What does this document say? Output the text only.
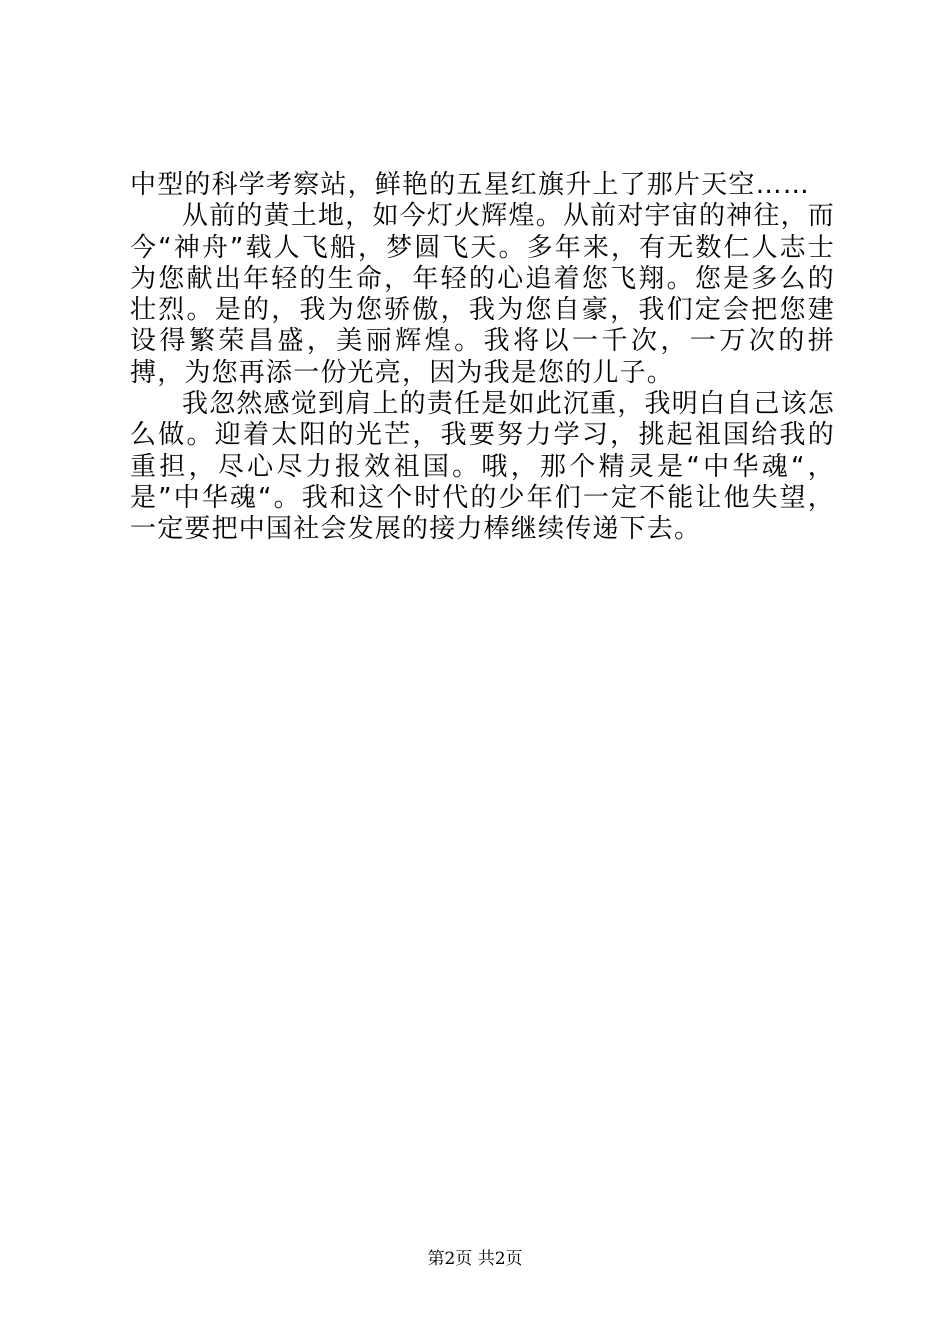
中型的科学考察站，鲜艳的五星红旗升上了那片天空……

从前的黄土地，如今灯火辉煌。从前对宇宙的神往，而今“神舟”载人飞船，梦圆飞天。多年来，有无数仁人志士为您献出年轻的生命，年轻的心追着您飞翔。您是多么的壮烈。是的，我为您骄傲，我为您自豪，我们定会把您建设得繁荣昌盛，美丽辉煌。我将以一千次，一万次的拼搏，为您再添一份光亮，因为我是您的儿子。

我忽然感觉到肩上的责任是如此沉重，我明白自己该怎么做。迎着太阳的光芒，我要努力学习，挑起祖国给我的重担，尽心尽力报效祖国。哦，那个精灵是“中华魂“，是”中华魂“。我和这个时代的少年们一定不能让他失望，一定要把中国社会发展的接力棒继续传递下去。

第2页 共2页
